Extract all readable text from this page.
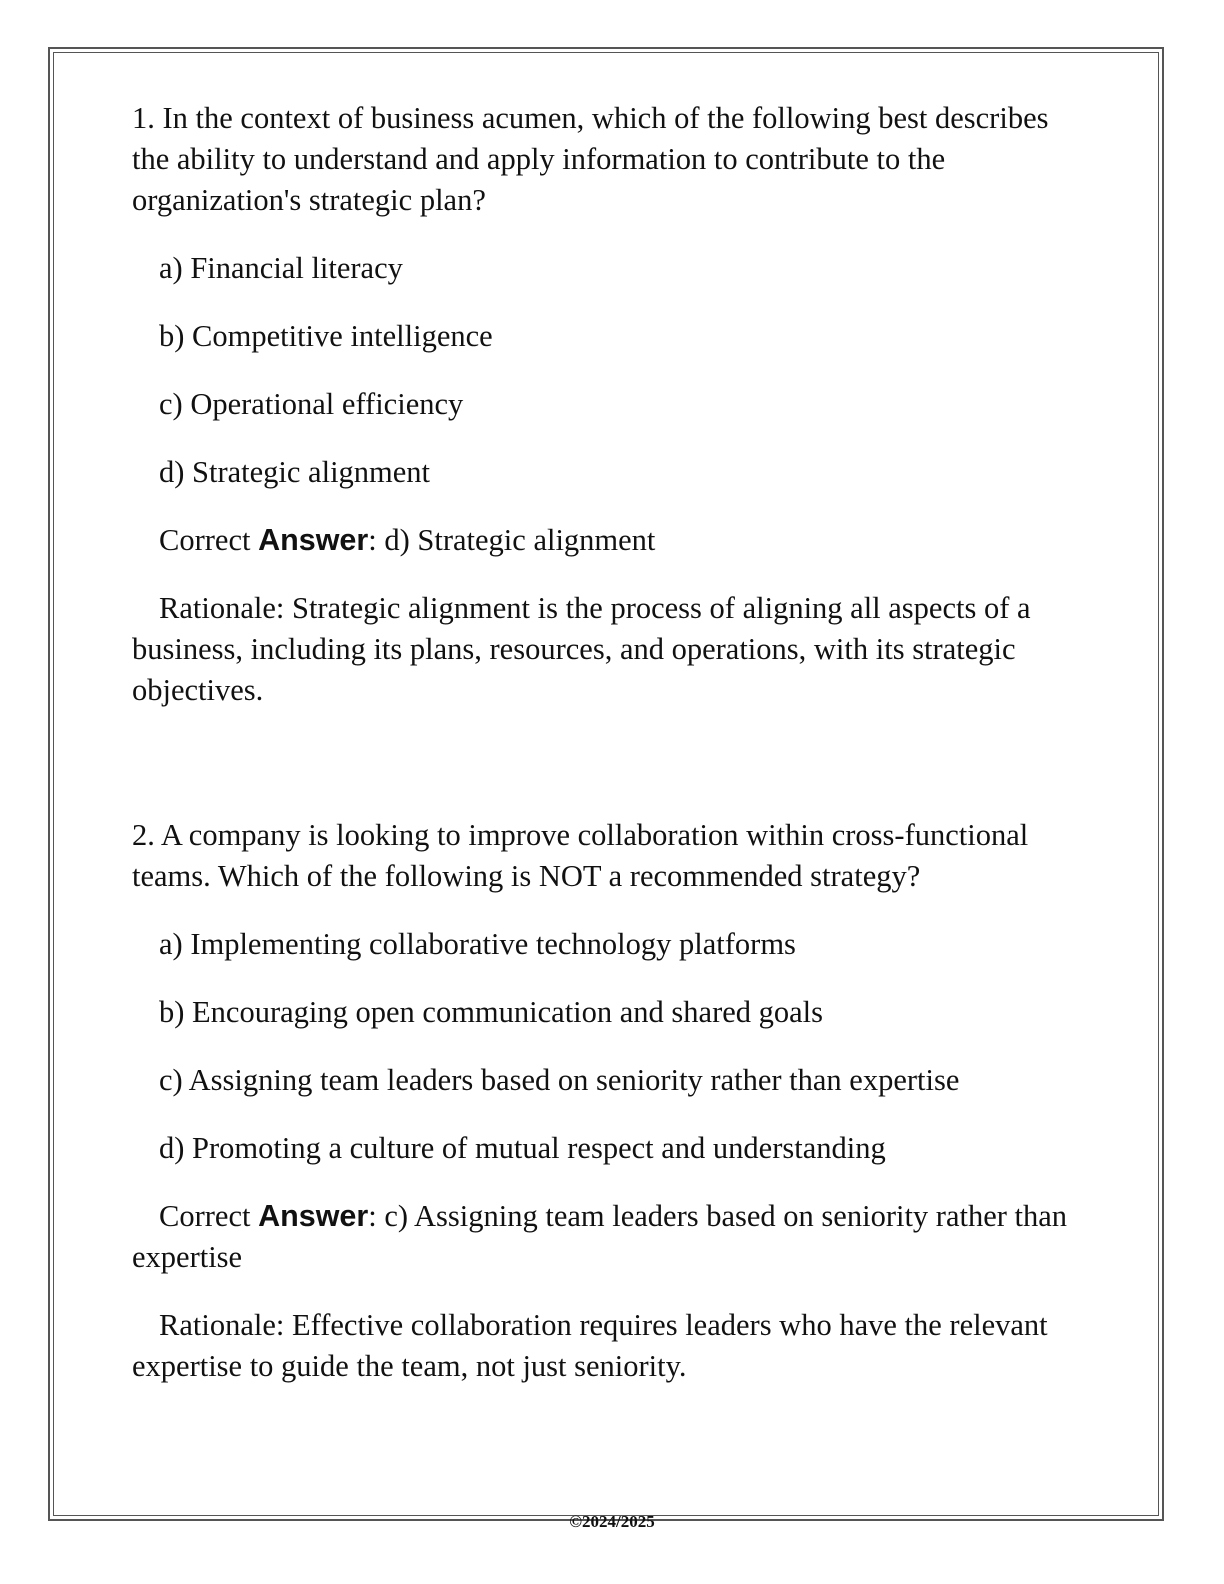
1. In the context of business acumen, which of the following best describes the ability to understand and apply information to contribute to the organization's strategic plan?

a) Financial literacy

b) Competitive intelligence

c) Operational efficiency

d) Strategic alignment

Correct Answer: d) Strategic alignment

Rationale: Strategic alignment is the process of aligning all aspects of a business, including its plans, resources, and operations, with its strategic objectives.

2. A company is looking to improve collaboration within cross-functional teams. Which of the following is NOT a recommended strategy?

a) Implementing collaborative technology platforms

b) Encouraging open communication and shared goals

c) Assigning team leaders based on seniority rather than expertise

d) Promoting a culture of mutual respect and understanding

Correct Answer: c) Assigning team leaders based on seniority rather than expertise

Rationale: Effective collaboration requires leaders who have the relevant expertise to guide the team, not just seniority.

©2024/2025
